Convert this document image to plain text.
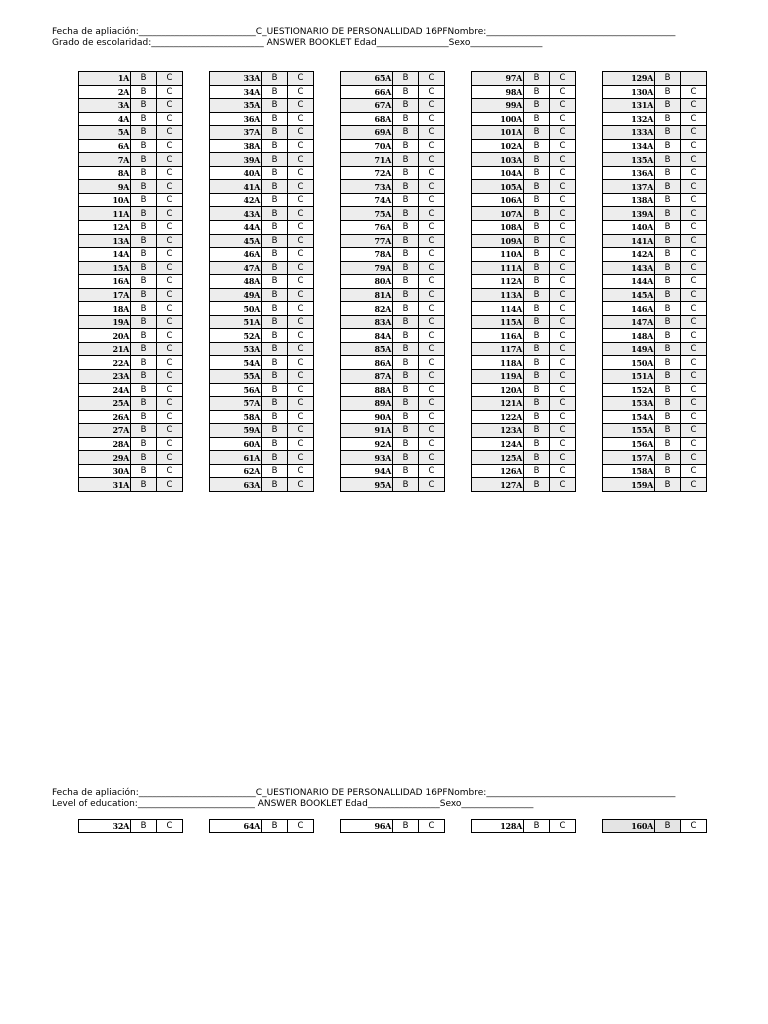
Fecha de apliación:__________________________C_UESTIONARIO DE PERSONALLIDAD 16PFNombre:__________________________________________
Grado de escolaridad:_________________________ ANSWER BOOKLET Edad________________Sexo________________
1A	B	C
2A	B	C
3A	B	C
4A	B	C
5A	B	C
6A	B	C
7A	B	C
8A	B	C
9A	B	C
10A	B	C
11A	B	C
12A	B	C
13A	B	C
14A	B	C
15A	B	C
16A	B	C
17A	B	C
18A	B	C
19A	B	C
20A	B	C
21A	B	C
22A	B	C
23A	B	C
24A	B	C
25A	B	C
26A	B	C
27A	B	C
28A	B	C
29A	B	C
30A	B	C
31A	B	C
33A	B	C
34A	B	C
35A	B	C
36A	B	C
37A	B	C
38A	B	C
39A	B	C
40A	B	C
41A	B	C
42A	B	C
43A	B	C
44A	B	C
45A	B	C
46A	B	C
47A	B	C
48A	B	C
49A	B	C
50A	B	C
51A	B	C
52A	B	C
53A	B	C
54A	B	C
55A	B	C
56A	B	C
57A	B	C
58A	B	C
59A	B	C
60A	B	C
61A	B	C
62A	B	C
63A	B	C
65A	B	C
66A	B	C
67A	B	C
68A	B	C
69A	B	C
70A	B	C
71A	B	C
72A	B	C
73A	B	C
74A	B	C
75A	B	C
76A	B	C
77A	B	C
78A	B	C
79A	B	C
80A	B	C
81A	B	C
82A	B	C
83A	B	C
84A	B	C
85A	B	C
86A	B	C
87A	B	C
88A	B	C
89A	B	C
90A	B	C
91A	B	C
92A	B	C
93A	B	C
94A	B	C
95A	B	C
97A	B	C
98A	B	C
99A	B	C
100A	B	C
101A	B	C
102A	B	C
103A	B	C
104A	B	C
105A	B	C
106A	B	C
107A	B	C
108A	B	C
109A	B	C
110A	B	C
111A	B	C
112A	B	C
113A	B	C
114A	B	C
115A	B	C
116A	B	C
117A	B	C
118A	B	C
119A	B	C
120A	B	C
121A	B	C
122A	B	C
123A	B	C
124A	B	C
125A	B	C
126A	B	C
127A	B	C
129A	B	
130A	B	C
131A	B	C
132A	B	C
133A	B	C
134A	B	C
135A	B	C
136A	B	C
137A	B	C
138A	B	C
139A	B	C
140A	B	C
141A	B	C
142A	B	C
143A	B	C
144A	B	C
145A	B	C
146A	B	C
147A	B	C
148A	B	C
149A	B	C
150A	B	C
151A	B	C
152A	B	C
153A	B	C
154A	B	C
155A	B	C
156A	B	C
157A	B	C
158A	B	C
159A	B	C
Fecha de apliación:__________________________C_UESTIONARIO DE PERSONALLIDAD 16PFNombre:__________________________________________
Level of education:__________________________ ANSWER BOOKLET Edad________________Sexo________________
32A	B	C	64A	B	C	96A	B	C	128A	B	C	160A	B	C
